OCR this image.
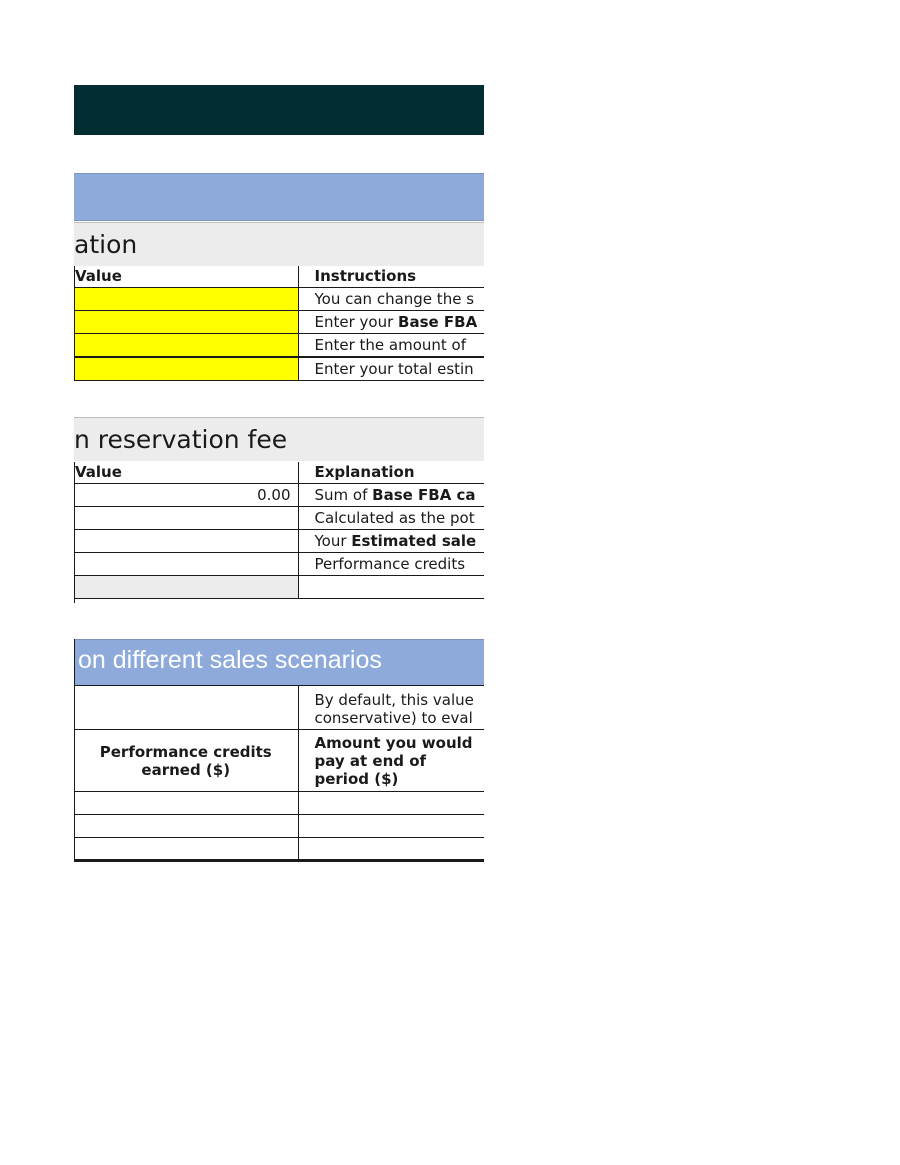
ation
Value	Instructions
	You can change the s
	Enter your Base FBA
	Enter the amount of
	Enter your total estin
n reservation fee
Value	Explanation
0.00	Sum of Base FBA ca
	Calculated as the pot
	Your Estimated sale
	Performance credits

on different sales scenarios
	By default, this value
conservative) to eval
Performance credits earned ($)	Amount you would pay at end of period ($)
